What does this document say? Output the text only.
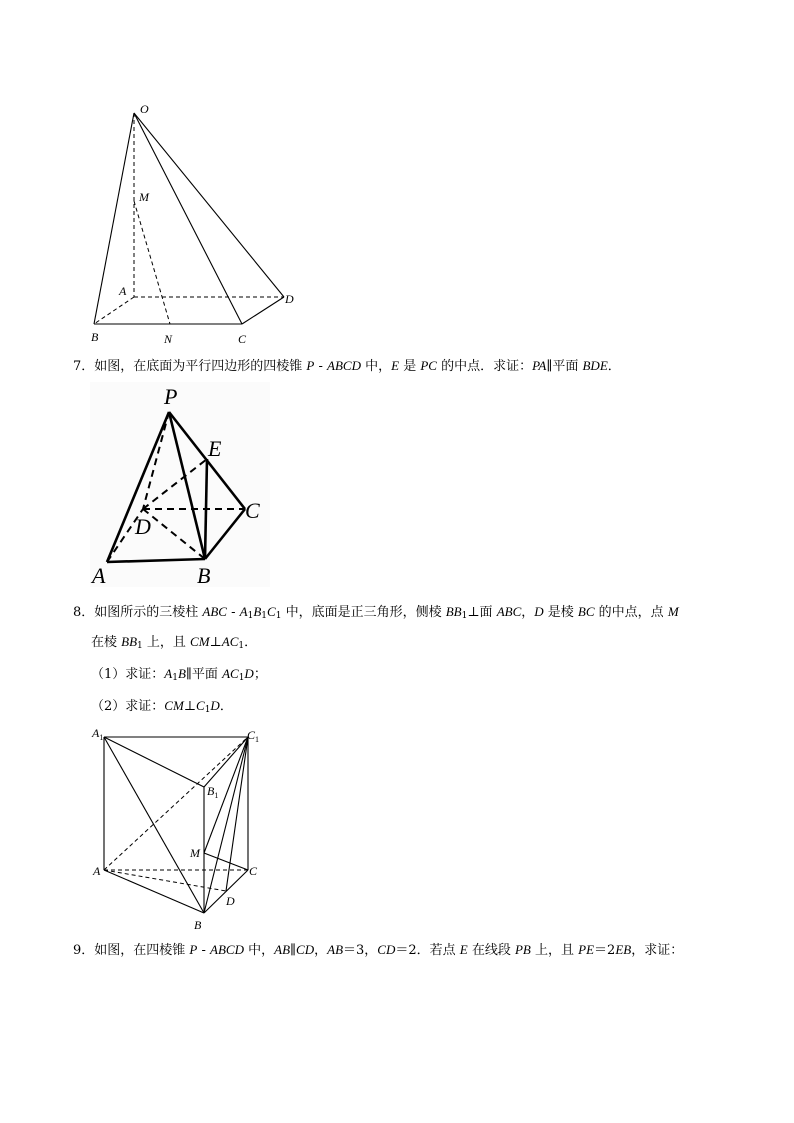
O
M
A
B	N	C
D
7．如图，在底面为平行四边形的四棱锥 P - ABCD 中，E 是 PC 的中点．求证：PA∥平面 BDE．
P
E
C
D
A	B
8．如图所示的三棱柱 ABC - $A_1B_1C_1$ 中，底面是正三角形，侧棱 $BB_1\perp$面 ABC，D 是棱 BC 的中点，点 M
在棱 $BB_1$ 上，且 $CM\perp AC_1$．
（1）求证：$A_1B\parallel$平面 $AC_1D$；
（2）求证：$CM\perp C_1D$．
$A_1$	$C_1$
$B_1$
M
A	C
D
B
9．如图，在四棱锥 P - ABCD 中，AB∥CD，AB＝3，CD＝2．若点 E 在线段 PB 上，且 PE＝2EB，求证：
